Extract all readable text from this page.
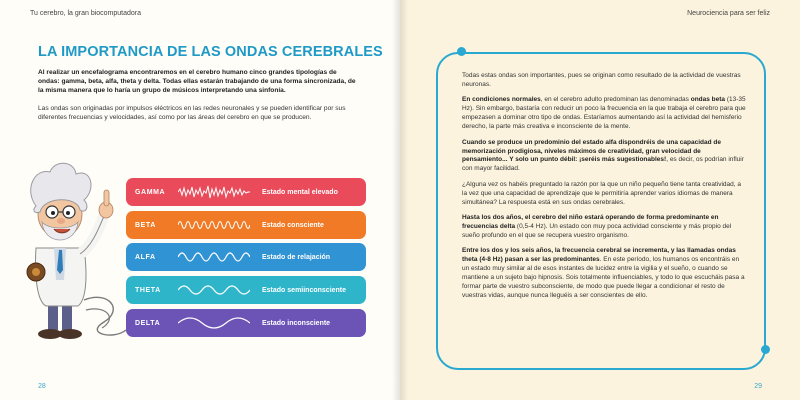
Tu cerebro, la gran biocomputadora
LA IMPORTANCIA DE LAS ONDAS CEREBRALES
Al realizar un encefalograma encontraremos en el cerebro humano cinco grandes tipologías de ondas: gamma, beta, alfa, theta y delta. Todas ellas estarán trabajando de una forma sincronizada, de la misma manera que lo haría un grupo de músicos interpretando una sinfonía.
Las ondas son originadas por impulsos eléctricos en las redes neuronales y se pueden identificar por sus diferentes frecuencias y velocidades, así como por las áreas del cerebro en que se producen.
GAMMA	Estado mental elevado
BETA	Estado consciente
ALFA	Estado de relajación
THETA	Estado semiinconsciente
DELTA	Estado inconsciente
28
Neurociencia para ser feliz
29

Todas estas ondas son importantes, pues se originan como resultado de la actividad de vuestras neuronas.

En condiciones normales, en el cerebro adulto predominan las denominadas ondas beta (13-35 Hz). Sin embargo, bastaría con reducir un poco la frecuencia en la que trabaja el cerebro para que empezasen a dominar otro tipo de ondas. Estaríamos aumentando así la actividad del hemisferio derecho, la parte más creativa e inconsciente de la mente.

Cuando se produce un predominio del estado alfa dispondréis de una capacidad de memorización prodigiosa, niveles máximos de creatividad, gran velocidad de pensamiento... Y solo un punto débil: ¡seréis más sugestionables!, es decir, os podrían influir con mayor facilidad.

¿Alguna vez os habéis preguntado la razón por la que un niño pequeño tiene tanta creatividad, a la vez que una capacidad de aprendizaje que le permitiría aprender varios idiomas de manera simultánea? La respuesta está en sus ondas cerebrales.

Hasta los dos años, el cerebro del niño estará operando de forma predominante en frecuencias delta (0,5-4 Hz). Un estado con muy poca actividad consciente y más propio del sueño profundo en el que se recupera vuestro organismo.

Entre los dos y los seis años, la frecuencia cerebral se incrementa, y las llamadas ondas theta (4-8 Hz) pasan a ser las predominantes. En este período, los humanos os encontráis en un estado muy similar al de esos instantes de lucidez entre la vigilia y el sueño, o cuando se mantiene a un sujeto bajo hipnosis. Sois totalmente influenciables, y todo lo que escucháis pasa a formar parte de vuestro subconsciente, de modo que puede llegar a condicionar el resto de vuestras vidas, aunque nunca lleguéis a ser conscientes de ello.
